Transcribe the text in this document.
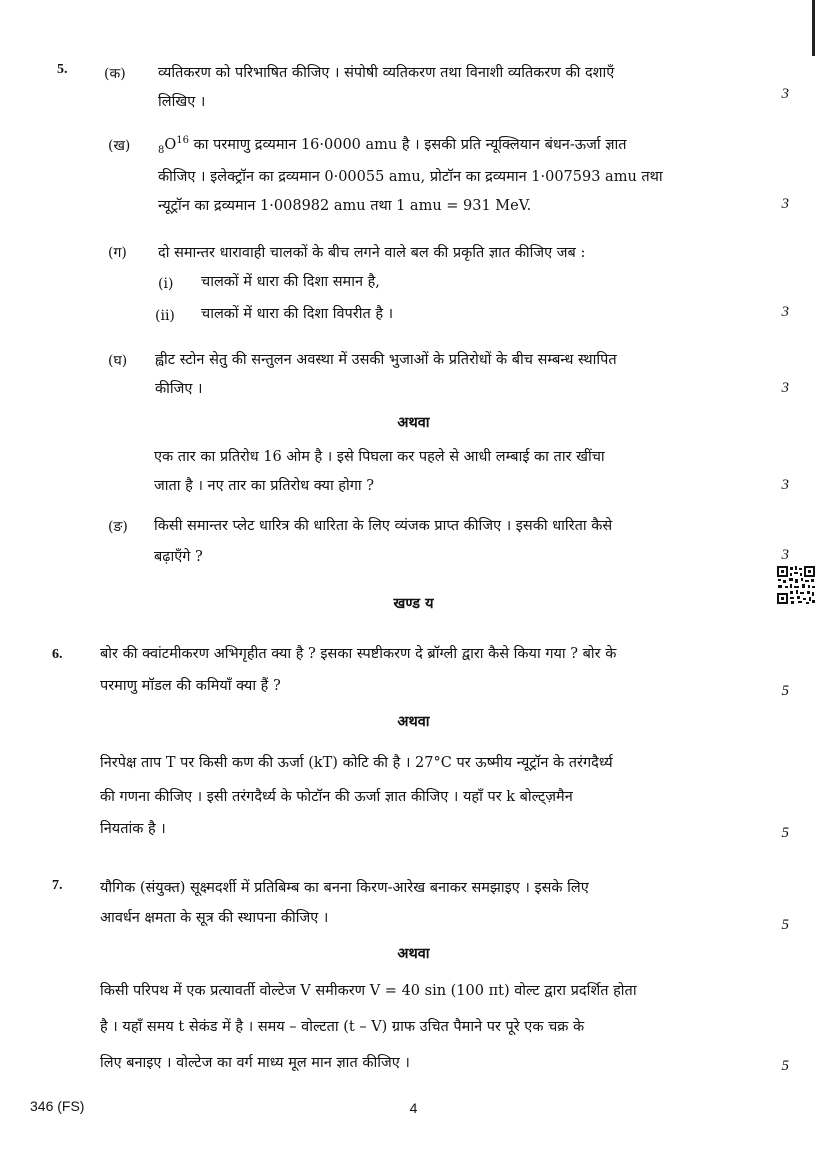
5.	(क) व्यतिकरण को परिभाषित कीजिए । संपोषी व्यतिकरण तथा विनाशी व्यतिकरण की दशाएँ
लिखिए ।	3
(ख)	$_8O^{16}$ का परमाणु द्रव्यमान 16·0000 amu है । इसकी प्रति न्यूक्लियान बंधन-ऊर्जा ज्ञात
कीजिए । इलेक्ट्रॉन का द्रव्यमान 0·00055 amu, प्रोटॉन का द्रव्यमान 1·007593 amu तथा
न्यूट्रॉन का द्रव्यमान 1·008982 amu तथा 1 amu = 931 MeV.	3
(ग) दो समान्तर धारावाही चालकों के बीच लगने वाले बल की प्रकृति ज्ञात कीजिए जब :
(i) चालकों में धारा की दिशा समान है,
(ii) चालकों में धारा की दिशा विपरीत है ।	3
(घ) ह्वीट स्टोन सेतु की सन्तुलन अवस्था में उसकी भुजाओं के प्रतिरोधों के बीच सम्बन्ध स्थापित
कीजिए ।	3
अथवा
एक तार का प्रतिरोध 16 ओम है । इसे पिघला कर पहले से आधी लम्बाई का तार खींचा
जाता है । नए तार का प्रतिरोध क्या होगा ?	3
(ङ) किसी समान्तर प्लेट धारित्र की धारिता के लिए व्यंजक प्राप्त कीजिए । इसकी धारिता कैसे
बढ़ाएँगे ?	3
खण्ड य
6.	बोर की क्वांटमीकरण अभिगृहीत क्या है ? इसका स्पष्टीकरण दे ब्रॉग्ली द्वारा कैसे किया गया ? बोर के
परमाणु मॉडल की कमियाँ क्या हैं ?	5
अथवा
निरपेक्ष ताप T पर किसी कण की ऊर्जा (kT) कोटि की है । 27°C पर ऊष्मीय न्यूट्रॉन के तरंगदैर्ध्य
की गणना कीजिए । इसी तरंगदैर्ध्य के फोटॉन की ऊर्जा ज्ञात कीजिए । यहाँ पर k बोल्ट्ज़मैन
नियतांक है ।	5
7.	यौगिक (संयुक्त) सूक्ष्मदर्शी में प्रतिबिम्ब का बनना किरण-आरेख बनाकर समझाइए । इसके लिए
आवर्धन क्षमता के सूत्र की स्थापना कीजिए ।	5
अथवा
किसी परिपथ में एक प्रत्यावर्ती वोल्टेज V समीकरण V = 40 sin (100 πt) वोल्ट द्वारा प्रदर्शित होता
है । यहाँ समय t सेकंड में है । समय – वोल्टता (t – V) ग्राफ उचित पैमाने पर पूरे एक चक्र के
लिए बनाइए । वोल्टेज का वर्ग माध्य मूल मान ज्ञात कीजिए ।	5
346 (FS)	4
